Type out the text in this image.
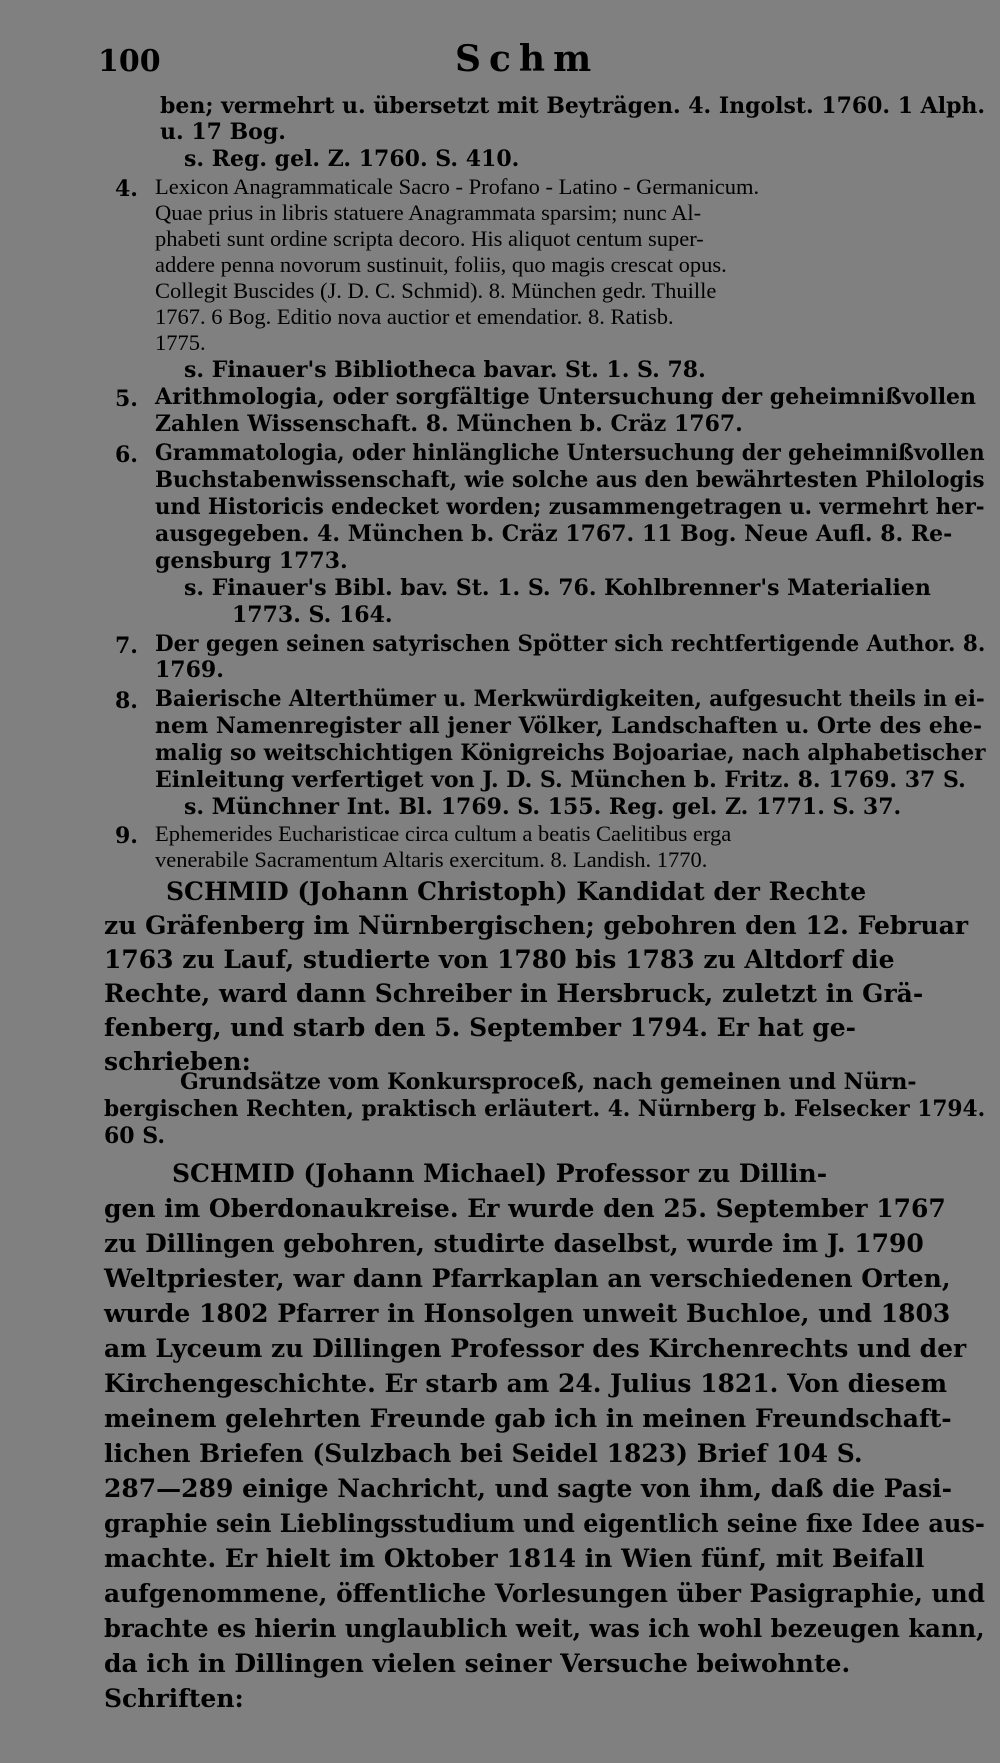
100	Schm
ben; vermehrt u. übersetzt mit Beyträgen. 4. Ingolst. 1760. 1 Alph.
u. 17 Bog.
s. Reg. gel. Z. 1760. S. 410.
4. Lexicon Anagrammaticale Sacro - Profano - Latino - Germanicum.
Quae prius in libris statuere Anagrammata sparsim; nunc Al-
phabeti sunt ordine scripta decoro. His aliquot centum super-
addere penna novorum sustinuit, foliis, quo magis crescat opus.
Collegit Buscides (J. D. C. Schmid). 8. München gedr. Thuille
1767. 6 Bog. Editio nova auctior et emendatior. 8. Ratisb.
1775.
s. Finauer's Bibliotheca bavar. St. 1. S. 78.
5. Arithmologia, oder sorgfältige Untersuchung der geheimnißvollen
Zahlen Wissenschaft. 8. München b. Cräz 1767.
6. Grammatologia, oder hinlängliche Untersuchung der geheimnißvollen
Buchstabenwissenschaft, wie solche aus den bewährtesten Philologis
und Historicis endecket worden; zusammengetragen u. vermehrt her-
ausgegeben. 4. München b. Cräz 1767. 11 Bog. Neue Aufl. 8. Re-
gensburg 1773.
s. Finauer's Bibl. bav. St. 1. S. 76. Kohlbrenner's Materialien
1773. S. 164.
7. Der gegen seinen satyrischen Spötter sich rechtfertigende Author. 8.
1769.
8. Baierische Alterthümer u. Merkwürdigkeiten, aufgesucht theils in ei-
nem Namenregister all jener Völker, Landschaften u. Orte des ehe-
malig so weitschichtigen Königreichs Bojoariae, nach alphabetischer
Einleitung verfertiget von J. D. S. München b. Fritz. 8. 1769. 37 S.
s. Münchner Int. Bl. 1769. S. 155. Reg. gel. Z. 1771. S. 37.
9. Ephemerides Eucharisticae circa cultum a beatis Caelitibus erga
venerabile Sacramentum Altaris exercitum. 8. Landish. 1770.
SCHMID (Johann Christoph) Kandidat der Rechte
zu Gräfenberg im Nürnbergischen; gebohren den 12. Februar
1763 zu Lauf, studierte von 1780 bis 1783 zu Altdorf die
Rechte, ward dann Schreiber in Hersbruck, zuletzt in Grä-
fenberg, und starb den 5. September 1794. Er hat ge-
schrieben:
Grundsätze vom Konkursproceß, nach gemeinen und Nürn-
bergischen Rechten, praktisch erläutert. 4. Nürnberg b. Felsecker 1794.
60 S.
SCHMID (Johann Michael) Professor zu Dillin-
gen im Oberdonaukreise. Er wurde den 25. September 1767
zu Dillingen gebohren, studirte daselbst, wurde im J. 1790
Weltpriester, war dann Pfarrkaplan an verschiedenen Orten,
wurde 1802 Pfarrer in Honsolgen unweit Buchloe, und 1803
am Lyceum zu Dillingen Professor des Kirchenrechts und der
Kirchengeschichte. Er starb am 24. Julius 1821. Von diesem
meinem gelehrten Freunde gab ich in meinen Freundschaft-
lichen Briefen (Sulzbach bei Seidel 1823) Brief 104 S.
287—289 einige Nachricht, und sagte von ihm, daß die Pasi-
graphie sein Lieblingsstudium und eigentlich seine fixe Idee aus-
machte. Er hielt im Oktober 1814 in Wien fünf, mit Beifall
aufgenommene, öffentliche Vorlesungen über Pasigraphie, und
brachte es hierin unglaublich weit, was ich wohl bezeugen kann,
da ich in Dillingen vielen seiner Versuche beiwohnte.
Schriften:
